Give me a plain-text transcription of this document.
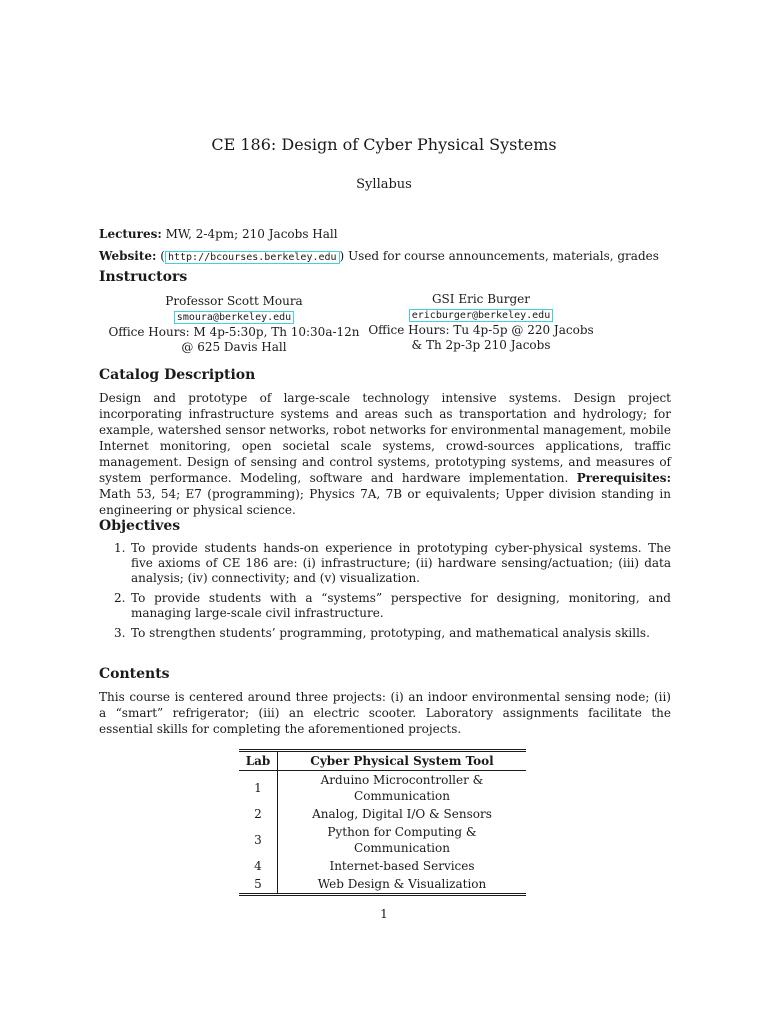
CE 186: Design of Cyber Physical Systems
Syllabus
Lectures: MW, 2-4pm; 210 Jacobs Hall
Website: ( http://bcourses.berkeley.edu ) Used for course announcements, materials, grades
Instructors
Professor Scott Moura
smoura@berkeley.edu
Office Hours: M 4p-5:30p, Th 10:30a-12n
@ 625 Davis Hall
GSI Eric Burger
ericburger@berkeley.edu
Office Hours: Tu 4p-5p @ 220 Jacobs
& Th 2p-3p 210 Jacobs
Catalog Description
Design and prototype of large-scale technology intensive systems. Design project incorporating infrastructure systems and areas such as transportation and hydrology; for example, watershed sensor networks, robot networks for environmental management, mobile Internet monitoring, open societal scale systems, crowd-sources applications, traffic management. Design of sensing and control systems, prototyping systems, and measures of system performance. Modeling, software and hardware implementation. Prerequisites: Math 53, 54; E7 (programming); Physics 7A, 7B or equivalents; Upper division standing in engineering or physical science.
Objectives
1. To provide students hands-on experience in prototyping cyber-physical systems. The five axioms of CE 186 are: (i) infrastructure; (ii) hardware sensing/actuation; (iii) data analysis; (iv) connectivity; and (v) visualization.
2. To provide students with a “systems” perspective for designing, monitoring, and managing large-scale civil infrastructure.
3. To strengthen students’ programming, prototyping, and mathematical analysis skills.
Contents
This course is centered around three projects: (i) an indoor environmental sensing node; (ii) a “smart” refrigerator; (iii) an electric scooter. Laboratory assignments facilitate the essential skills for completing the aforementioned projects.
Lab	Cyber Physical System Tool
1	Arduino Microcontroller & Communication
2	Analog, Digital I/O & Sensors
3	Python for Computing & Communication
4	Internet-based Services
5	Web Design & Visualization
1
